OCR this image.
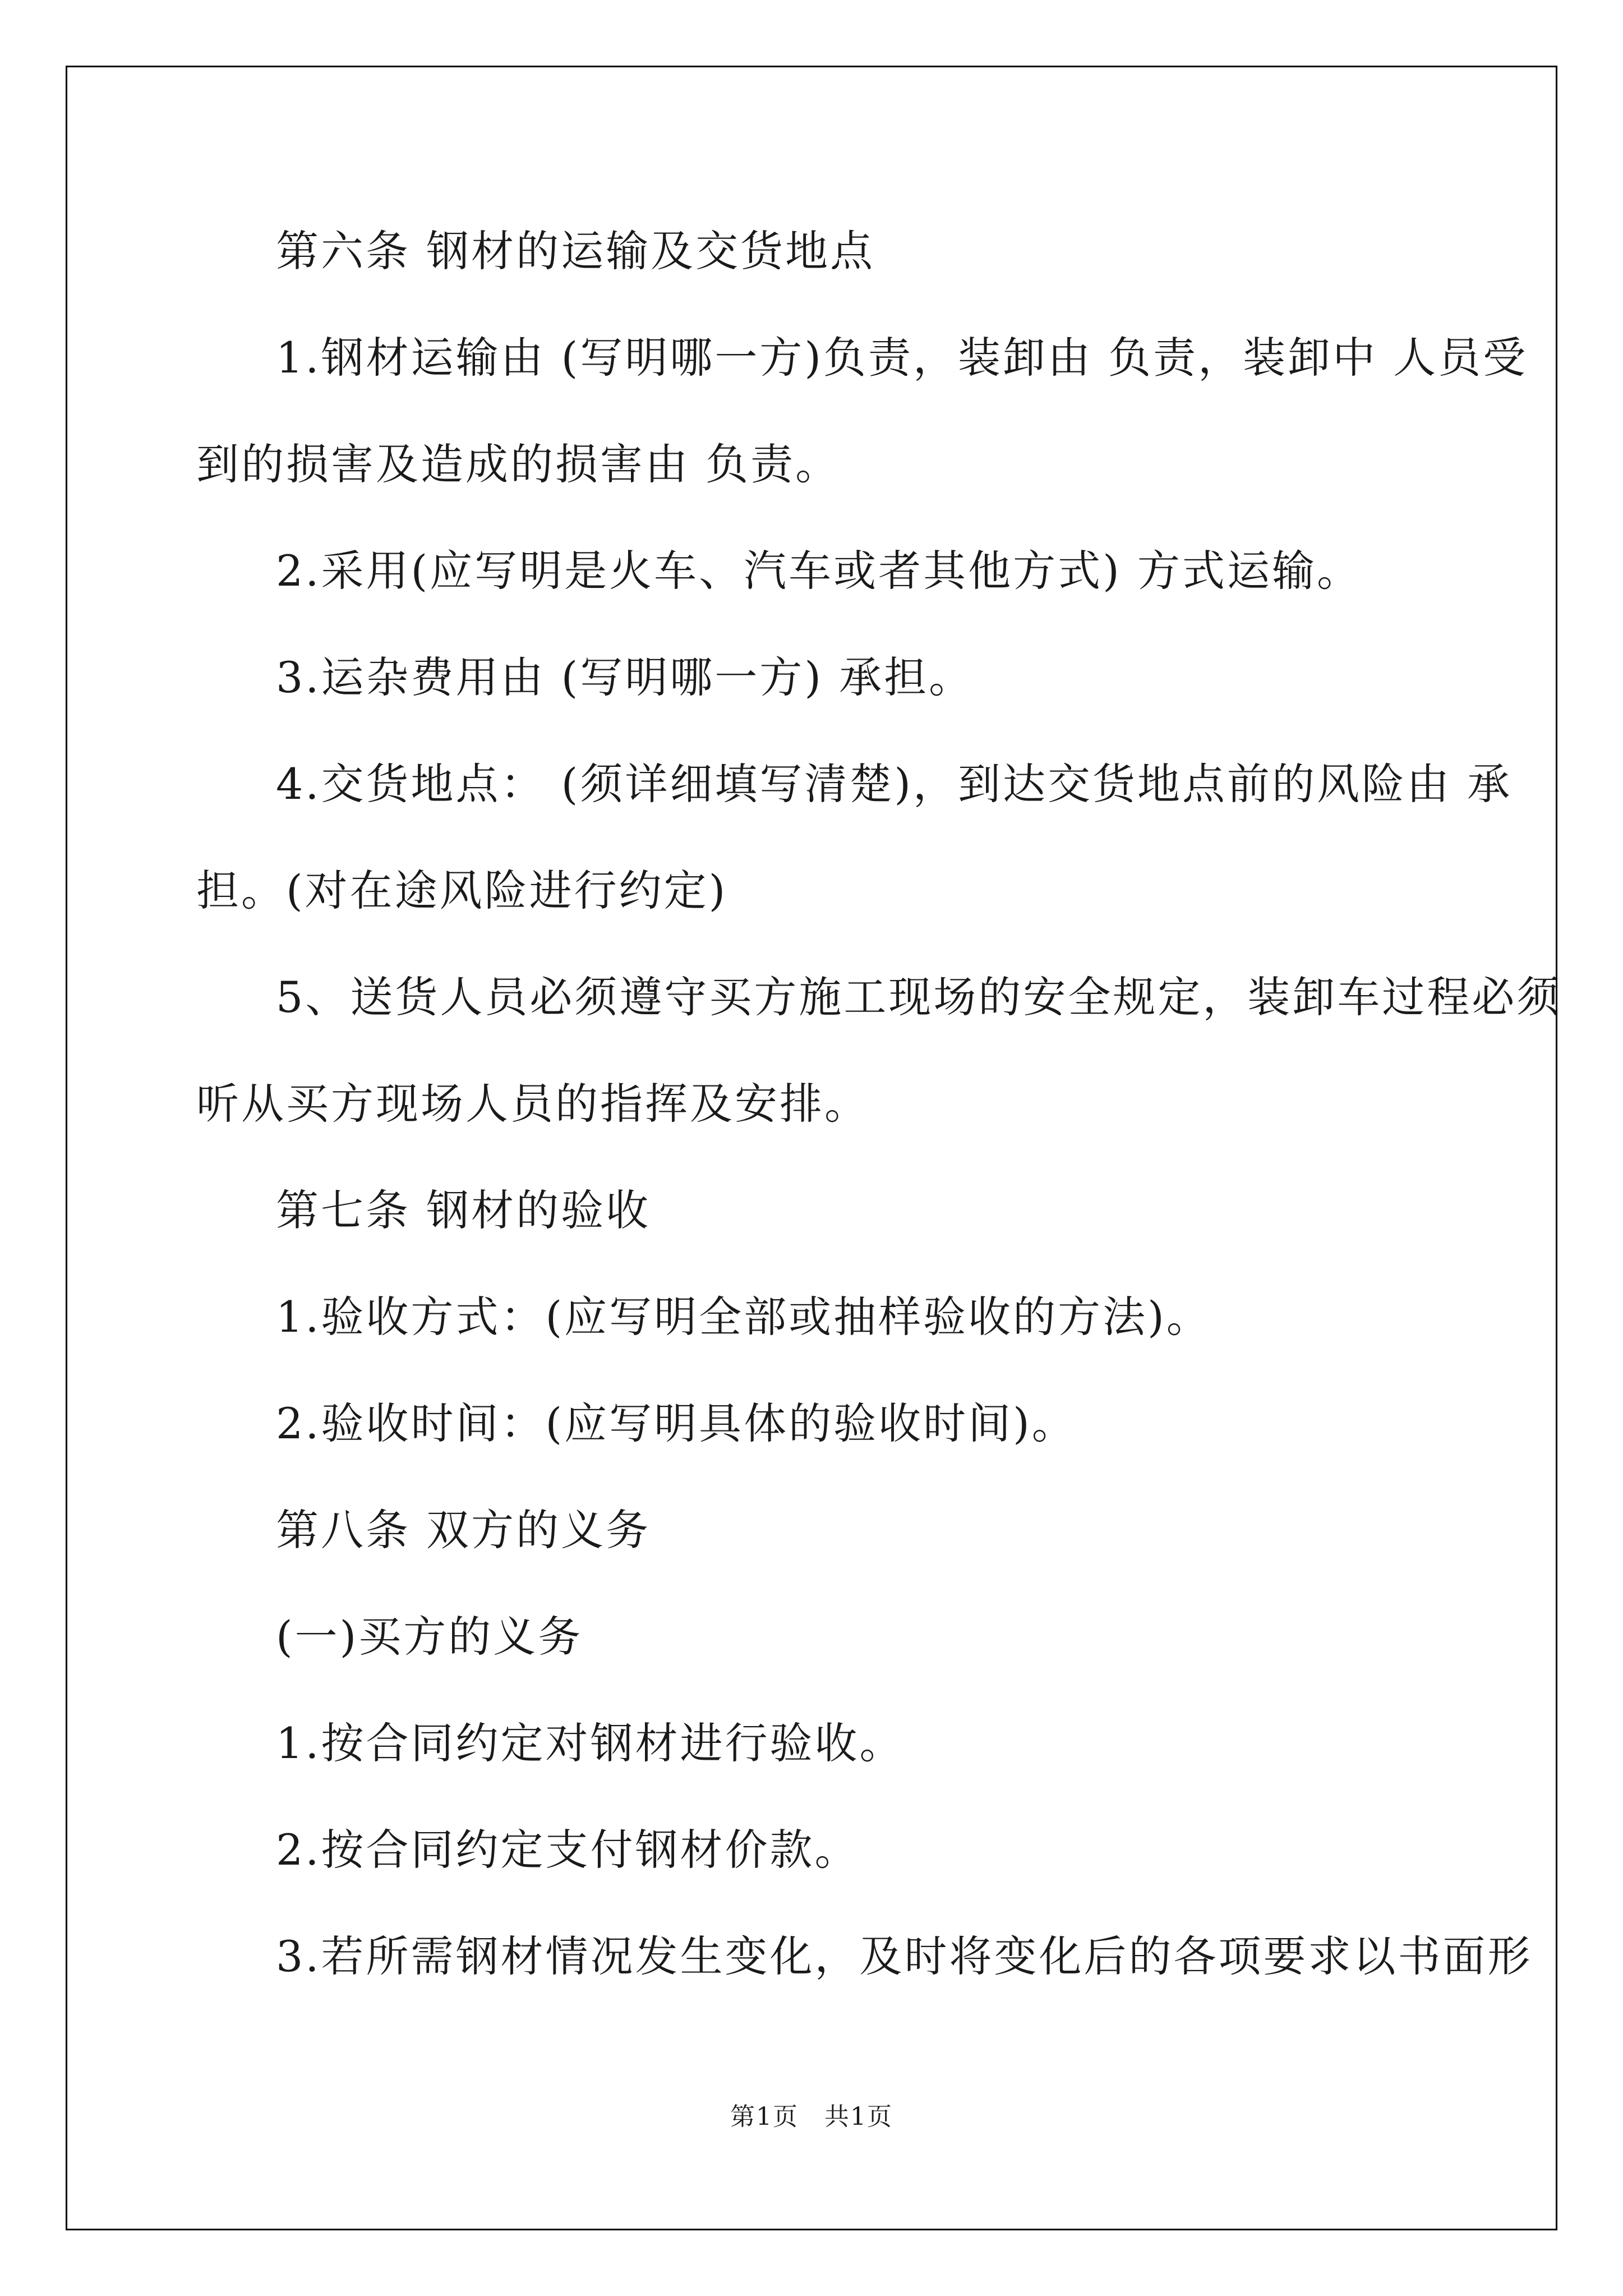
第六条 钢材的运输及交货地点
1.钢材运输由 (写明哪一方)负责，装卸由 负责，装卸中 人员受
到的损害及造成的损害由 负责。
2.采用(应写明是火车、汽车或者其他方式) 方式运输。
3.运杂费用由 (写明哪一方) 承担。
4.交货地点： (须详细填写清楚)，到达交货地点前的风险由 承
担。(对在途风险进行约定)
5、送货人员必须遵守买方施工现场的安全规定，装卸车过程必须
听从买方现场人员的指挥及安排。
第七条 钢材的验收
1.验收方式：(应写明全部或抽样验收的方法)。
2.验收时间：(应写明具体的验收时间)。
第八条 双方的义务
(一)买方的义务
1.按合同约定对钢材进行验收。
2.按合同约定支付钢材价款。
3.若所需钢材情况发生变化，及时将变化后的各项要求以书面形
第1页　共1页
